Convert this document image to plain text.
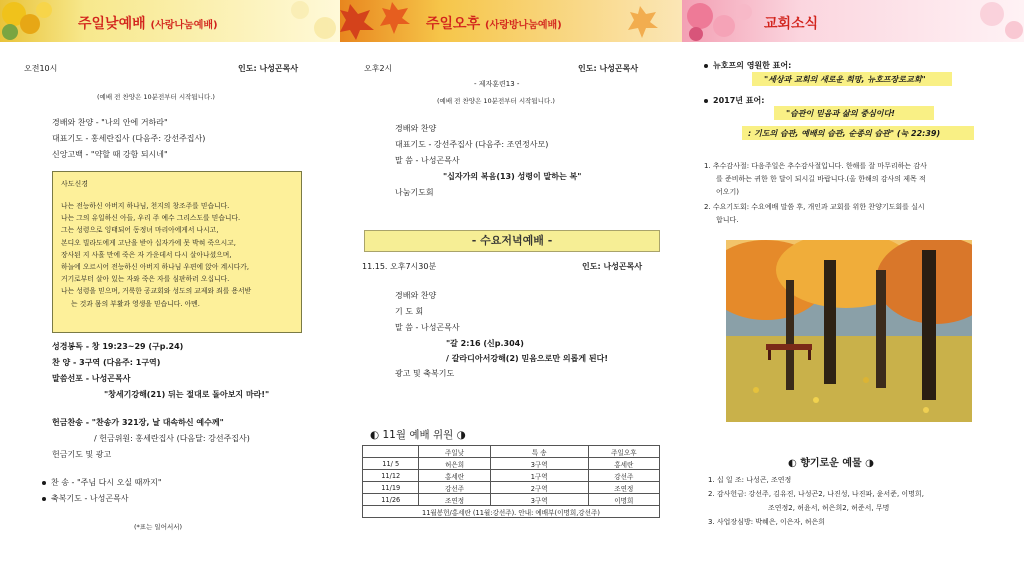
주일낮예배 (사랑나눔예배)
오전10시	인도: 나성곤목사
(예배 전 찬양은 10분전부터 시작됩니다.)
경배와 찬양 - "나의 안에 거하라"
대표기도 - 홍세란집사 (다음주: 강선주집사)
신앙고백 - "약할 때 강함 되시네"
사도신경

나는 전능하신 아버지 하나님, 천지의 창조주를 믿습니다.

나는 그의 유일하신 아들, 우리 주 예수 그리스도를 믿습니다.

그는 성령으로 잉태되어 동정녀 마리아에게서 나시고,

본디오 빌라도에게 고난을 받아 십자가에 못 박혀 죽으시고,

장사된 지 사흘 만에 죽은 자 가운데서 다시 살아나셨으며,

하늘에 오르시어 전능하신 아버지 하나님 우편에 앉아 계시다가,

거기로부터 살아 있는 자와 죽은 자를 심판하러 오십니다.

나는 성령을 믿으며, 거룩한 공교회와 성도의 교제와 죄를 용서받

는 것과 몸의 부활과 영생을 믿습니다. 아멘.

성경봉독 - 창 19:23~29 (구p.24)
찬 양 - 3구역 (다음주: 1구역)
말씀선포 - 나성곤목사
"창세기강해(21) 뒤는 절대로 돌아보지 마라!"
헌금찬송 - "찬송가 321장, 날 대속하신 예수께"
/ 헌금위원: 홍세란집사 (다음달: 강선주집사)
헌금기도 및 광고
찬 송 - "주님 다시 오실 때까지"
축복기도 - 나성곤목사
(*표는 일어서서)
주일오후 (사랑방나눔예배)
오후2시	인도: 나성곤목사
- 제자훈련13 -
(예배 전 찬양은 10분전부터 시작됩니다.)
경배와 찬양
대표기도 - 강선주집사 (다음주: 조연정사모)
말 씀 - 나성곤목사
"십자가의 복음(13) 성령이 말하는 복"
나눔기도회
- 수요저녁예배 -
11.15. 오후7시30분	인도: 나성곤목사
경배와 찬양
기 도 회
말 씀 - 나성곤목사
"갈 2:16 (신p.304)
/ 갈라디아서강해(2) 믿음으로만 의롭게 된다!
광고 및 축복기도
◐ 11월 예배 위원 ◑
	주일낮	특 송	주일오후
11/ 5	허은희	3구역	홍세란
11/12	홍세란	1구역	강선주
11/19	강선주	2구역	조연정
11/26	조연정	3구역	이명희
11월봉헌/홍세란 (11월:강선주). 안내: 예배부(이명희,강선주)			
교회소식
뉴호프의 영원한 표어:
"세상과 교회의 새로운 희망, 뉴호프장로교회"
2017년 표어:
"습관이 믿음과 삶의 중심이다!
: 기도의 습관, 예배의 습관, 순종의 습관" (눅 22:39)
1. 추수감사절: 다음주일은 추수감사절입니다. 한해를 잘 마무리하는 감사
를 준비하는 귀한 한 달이 되시길 바랍니다.(올 한해의 감사의 제목 적
어오기)
2. 수요기도회: 수요예배 말씀 후, 개인과 교회를 위한 찬양기도회를 실시
합니다.
◐ 향기로운 예물 ◑
1. 십 일 조: 나성곤, 조연정
2. 감사헌금: 강선주, 김유진, 나성곤2, 나진성, 나진파, 윤서준, 이명희,
조연정2, 허윤서, 허은희2, 허준서, 무명
3. 사업장심방: 박혜은, 이은자, 허은희
